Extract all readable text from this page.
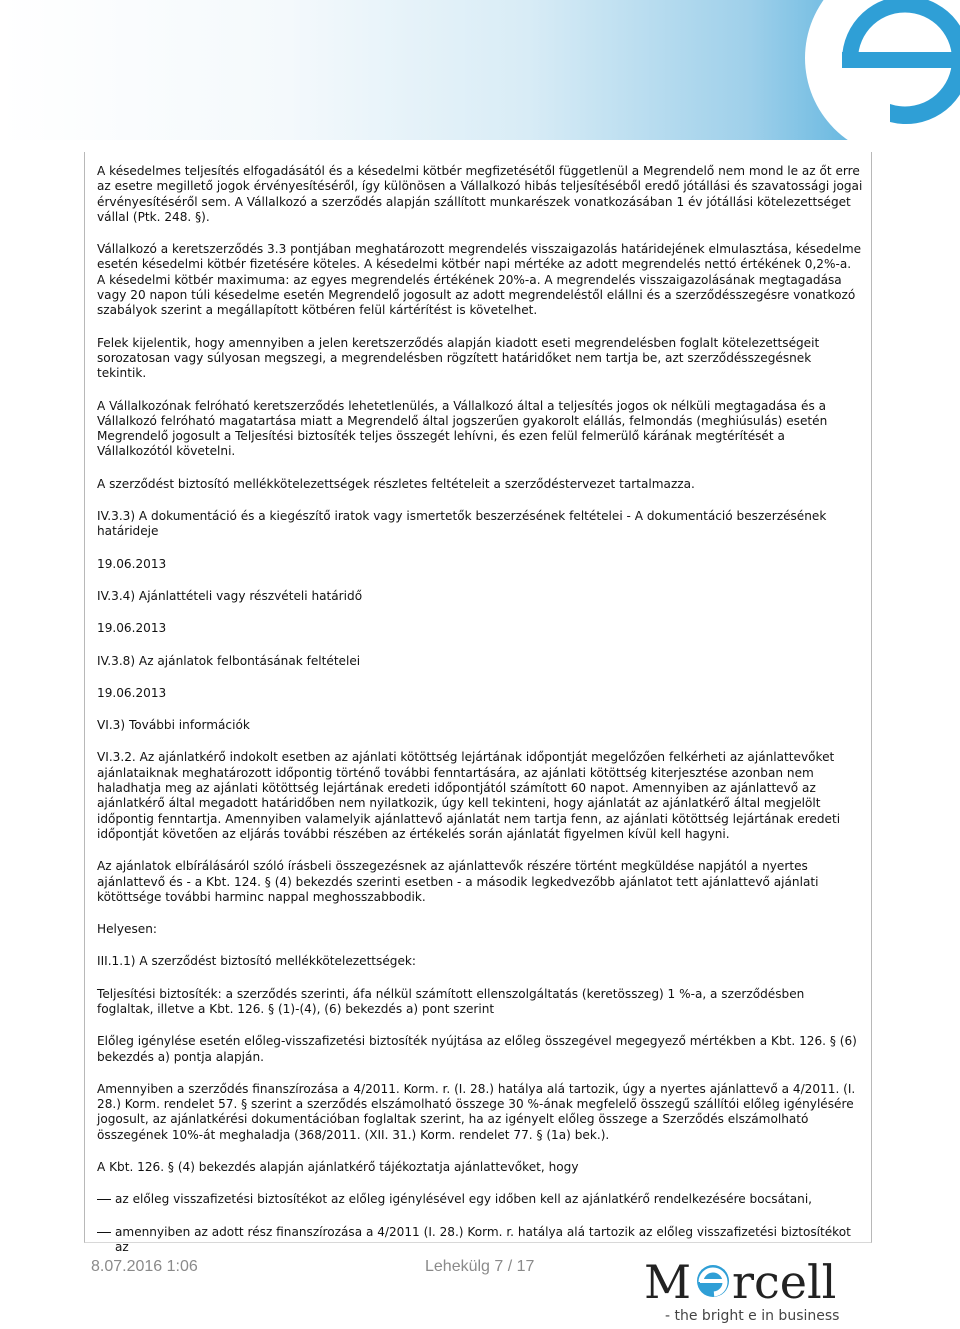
A késedelmes teljesítés elfogadásától és a késedelmi kötbér megfizetésétől függetlenül a Megrendelő nem mond le az őt erre az esetre megillető jogok érvényesítéséről, így különösen a Vállalkozó hibás teljesítéséből eredő jótállási és szavatossági jogai érvényesítéséről sem. A Vállalkozó a szerződés alapján szállított munkarészek vonatkozásában 1 év jótállási kötelezettséget vállal (Ptk. 248. §).

Vállalkozó a keretszerződés 3.3 pontjában meghatározott megrendelés visszaigazolás határidejének elmulasztása, késedelme esetén késedelmi kötbér fizetésére köteles. A késedelmi kötbér napi mértéke az adott megrendelés nettó értékének 0,2%-a. A késedelmi kötbér maximuma: az egyes megrendelés értékének 20%-a. A megrendelés visszaigazolásának megtagadása vagy 20 napon túli késedelme esetén Megrendelő jogosult az adott megrendeléstől elállni és a szerződésszegésre vonatkozó szabályok szerint a megállapított kötbéren felül kártérítést is követelhet.

Felek kijelentik, hogy amennyiben a jelen keretszerződés alapján kiadott eseti megrendelésben foglalt kötelezettségeit sorozatosan vagy súlyosan megszegi, a megrendelésben rögzített határidőket nem tartja be, azt szerződésszegésnek tekintik.

A Vállalkozónak felróható keretszerződés lehetetlenülés, a Vállalkozó által a teljesítés jogos ok nélküli megtagadása és a Vállalkozó felróható magatartása miatt a Megrendelő által jogszerűen gyakorolt elállás, felmondás (meghiúsulás) esetén Megrendelő jogosult a Teljesítési biztosíték teljes összegét lehívni, és ezen felül felmerülő kárának megtérítését a Vállalkozótól követelni.

A szerződést biztosító mellékkötelezettségek részletes feltételeit a szerződéstervezet tartalmazza.

IV.3.3) A dokumentáció és a kiegészítő iratok vagy ismertetők beszerzésének feltételei - A dokumentáció beszerzésének határideje

19.06.2013

IV.3.4) Ajánlattételi vagy részvételi határidő

19.06.2013

IV.3.8) Az ajánlatok felbontásának feltételei

19.06.2013

VI.3) További információk

VI.3.2. Az ajánlatkérő indokolt esetben az ajánlati kötöttség lejártának időpontját megelőzően felkérheti az ajánlattevőket ajánlataiknak meghatározott időpontig történő további fenntartására, az ajánlati kötöttség kiterjesztése azonban nem haladhatja meg az ajánlati kötöttség lejártának eredeti időpontjától számított 60 napot. Amennyiben az ajánlattevő az ajánlatkérő által megadott határidőben nem nyilatkozik, úgy kell tekinteni, hogy ajánlatát az ajánlatkérő által megjelölt időpontig fenntartja. Amennyiben valamelyik ajánlattevő ajánlatát nem tartja fenn, az ajánlati kötöttség lejártának eredeti időpontját követően az eljárás további részében az értékelés során ajánlatát figyelmen kívül kell hagyni.

Az ajánlatok elbírálásáról szóló írásbeli összegezésnek az ajánlattevők részére történt megküldése napjától a nyertes ajánlattevő és - a Kbt. 124. § (4) bekezdés szerinti esetben - a második legkedvezőbb ajánlatot tett ajánlattevő ajánlati kötöttsége további harminc nappal meghosszabbodik.

Helyesen:

III.1.1) A szerződést biztosító mellékkötelezettségek:

Teljesítési biztosíték: a szerződés szerinti, áfa nélkül számított ellenszolgáltatás (keretösszeg) 1 %-a, a szerződésben foglaltak, illetve a Kbt. 126. § (1)-(4), (6) bekezdés a) pont szerint

Előleg igénylése esetén előleg-visszafizetési biztosíték nyújtása az előleg összegével megegyező mértékben a Kbt. 126. § (6) bekezdés a) pontja alapján.

Amennyiben a szerződés finanszírozása a 4/2011. Korm. r. (I. 28.) hatálya alá tartozik, úgy a nyertes ajánlattevő a 4/2011. (I. 28.) Korm. rendelet 57. § szerint a szerződés elszámolható összege 30 %-ának megfelelő összegű szállítói előleg igénylésére jogosult, az ajánlatkérési dokumentációban foglaltak szerint, ha az igényelt előleg összege a Szerződés elszámolható összegének 10%-át meghaladja (368/2011. (XII. 31.) Korm. rendelet 77. § (1a) bek.).

A Kbt. 126. § (4) bekezdés alapján ajánlatkérő tájékoztatja ajánlattevőket, hogy

az előleg visszafizetési biztosítékot az előleg igénylésével egy időben kell az ajánlatkérő rendelkezésére bocsátani,

amennyiben az adott rész finanszírozása a 4/2011 (I. 28.) Korm. r. hatálya alá tartozik az előleg visszafizetési biztosítékot az

8.07.2016 1:06	Lehekülg 7 / 17 M rcell
- the bright e in business
